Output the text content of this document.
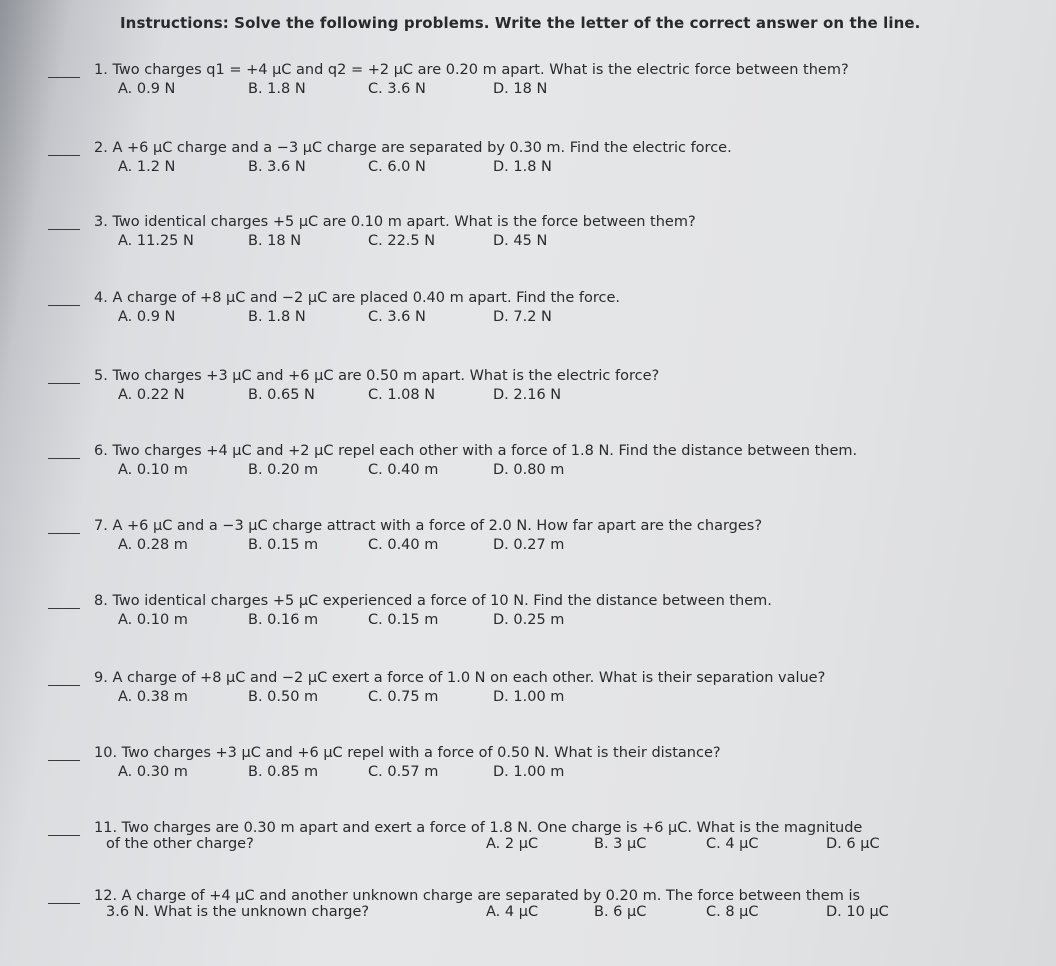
Instructions: Solve the following problems. Write the letter of the correct answer on the line.
1. Two charges q1 = +4 μC and q2 = +2 μC are 0.20 m apart. What is the electric force between them?
A. 0.9 N	B. 1.8 N	C. 3.6 N	D. 18 N
2. A +6 μC charge and a −3 μC charge are separated by 0.30 m. Find the electric force.
A. 1.2 N	B. 3.6 N	C. 6.0 N	D. 1.8 N
3. Two identical charges +5 μC are 0.10 m apart. What is the force between them?
A. 11.25 N	B. 18 N	C. 22.5 N	D. 45 N
4. A charge of +8 μC and −2 μC are placed 0.40 m apart. Find the force.
A. 0.9 N	B. 1.8 N	C. 3.6 N	D. 7.2 N
5. Two charges +3 μC and +6 μC are 0.50 m apart. What is the electric force?
A. 0.22 N	B. 0.65 N	C. 1.08 N	D. 2.16 N
6. Two charges +4 μC and +2 μC repel each other with a force of 1.8 N. Find the distance between them.
A. 0.10 m	B. 0.20 m	C. 0.40 m	D. 0.80 m
7. A +6 μC and a −3 μC charge attract with a force of 2.0 N. How far apart are the charges?
A. 0.28 m	B. 0.15 m	C. 0.40 m	D. 0.27 m
8. Two identical charges +5 μC experienced a force of 10 N. Find the distance between them.
A. 0.10 m	B. 0.16 m	C. 0.15 m	D. 0.25 m
9. A charge of +8 μC and −2 μC exert a force of 1.0 N on each other. What is their separation value?
A. 0.38 m	B. 0.50 m	C. 0.75 m	D. 1.00 m
10. Two charges +3 μC and +6 μC repel with a force of 0.50 N. What is their distance?
A. 0.30 m	B. 0.85 m	C. 0.57 m	D. 1.00 m
11. Two charges are 0.30 m apart and exert a force of 1.8 N. One charge is +6 μC. What is the magnitude
of the other charge?	A. 2 μC	B. 3 μC	C. 4 μC	D. 6 μC
12. A charge of +4 μC and another unknown charge are separated by 0.20 m. The force between them is
3.6 N. What is the unknown charge?	A. 4 μC	B. 6 μC	C. 8 μC	D. 10 μC
